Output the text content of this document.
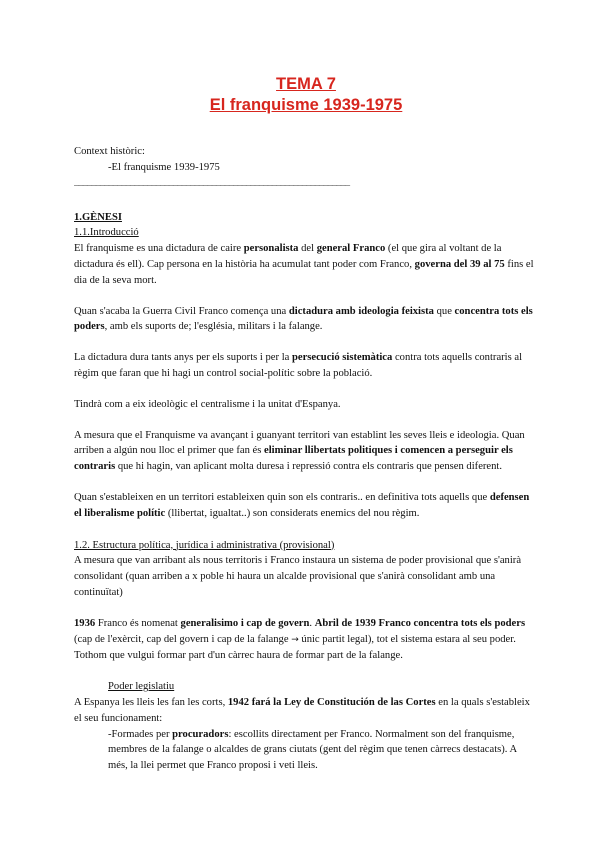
TEMA 7
El franquisme 1939-1975

Context històric:

-El franquisme 1939-1975

________________________________________________________________
1.GÈNESI
1.1.Introducció

El franquisme es una dictadura de caire personalista del general Franco (el que gira al voltant de la dictadura és ell). Cap persona en la història ha acumulat tant poder com Franco, governa del 39 al 75 fins el dia de la seva mort.

Quan s'acaba la Guerra Civil Franco comença una dictadura amb ideologia feixista que concentra tots els poders, amb els suports de; l'església, militars i la falange.

La dictadura dura tants anys per els suports i per la persecució sistemàtica contra tots aquells contraris al règim que faran que hi hagi un control social-polític sobre la població.

Tindrà com a eix ideològic el centralisme i la unitat d'Espanya.

A mesura que el Franquisme va avançant i guanyant territori van establint les seves lleis e ideologia. Quan arriben a algún nou lloc el primer que fan és eliminar llibertats politiques i comencen a perseguir els contraris que hi hagin, van aplicant molta duresa i repressió contra els contraris que pensen diferent.

Quan s'estableixen en un territori estableixen quin son els contraris.. en definitiva tots aquells que defensen el liberalisme polític (llibertat, igualtat..) son considerats enemics del nou règim.

1.2. Estructura política, jurídica i administrativa (provisional)

A mesura que van arribant als nous territoris i Franco instaura un sistema de poder provisional que s'anirà consolidant (quan arriben a x poble hi haura un alcalde provisional que s'anirà consolidant amb una continuïtat)

1936 Franco és nomenat generalisimo i cap de govern. Abril de 1939 Franco concentra tots els poders (cap de l'exèrcit, cap del govern i cap de la falange → únic partit legal), tot el sistema estara al seu poder. Tothom que vulgui formar part d'un càrrec haura de formar part de la falange.

Poder legislatiu

A Espanya les lleis les fan les corts, 1942 fará la Ley de Constitución de las Cortes en la quals s'estableix el seu funcionament:

-Formades per procuradors: escollits directament per Franco. Normalment son del franquisme, membres de la falange o alcaldes de grans ciutats (gent del règim que tenen càrrecs destacats). A més, la llei permet que Franco proposi i veti lleis.
